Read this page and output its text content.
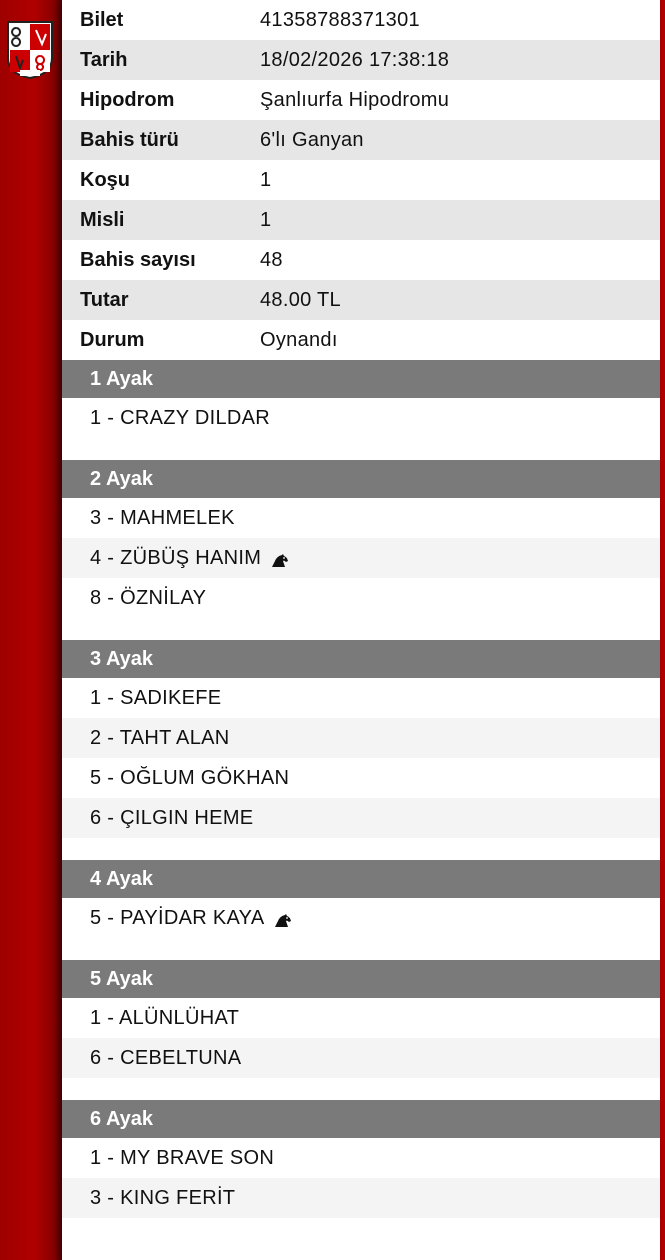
Bilet	41358788371301
Tarih	18/02/2026 17:38:18
Hipodrom	Şanlıurfa Hipodromu
Bahis türü	6'lı Ganyan
Koşu	1
Misli	1
Bahis sayısı	48
Tutar	48.00 TL
Durum	Oynandı
1 Ayak
1 - CRAZY DILDAR
2 Ayak
3 - MAHMELEK
4 - ZÜBÜŞ HANIM
8 - ÖZNİLAY
3 Ayak
1 - SADIKEFE
2 - TAHT ALAN
5 - OĞLUM GÖKHAN
6 - ÇILGIN HEME
4 Ayak
5 - PAYİDAR KAYA
5 Ayak
1 - ALÜNLÜHAT
6 - CEBELTUNA
6 Ayak
1 - MY BRAVE SON
3 - KING FERİT
